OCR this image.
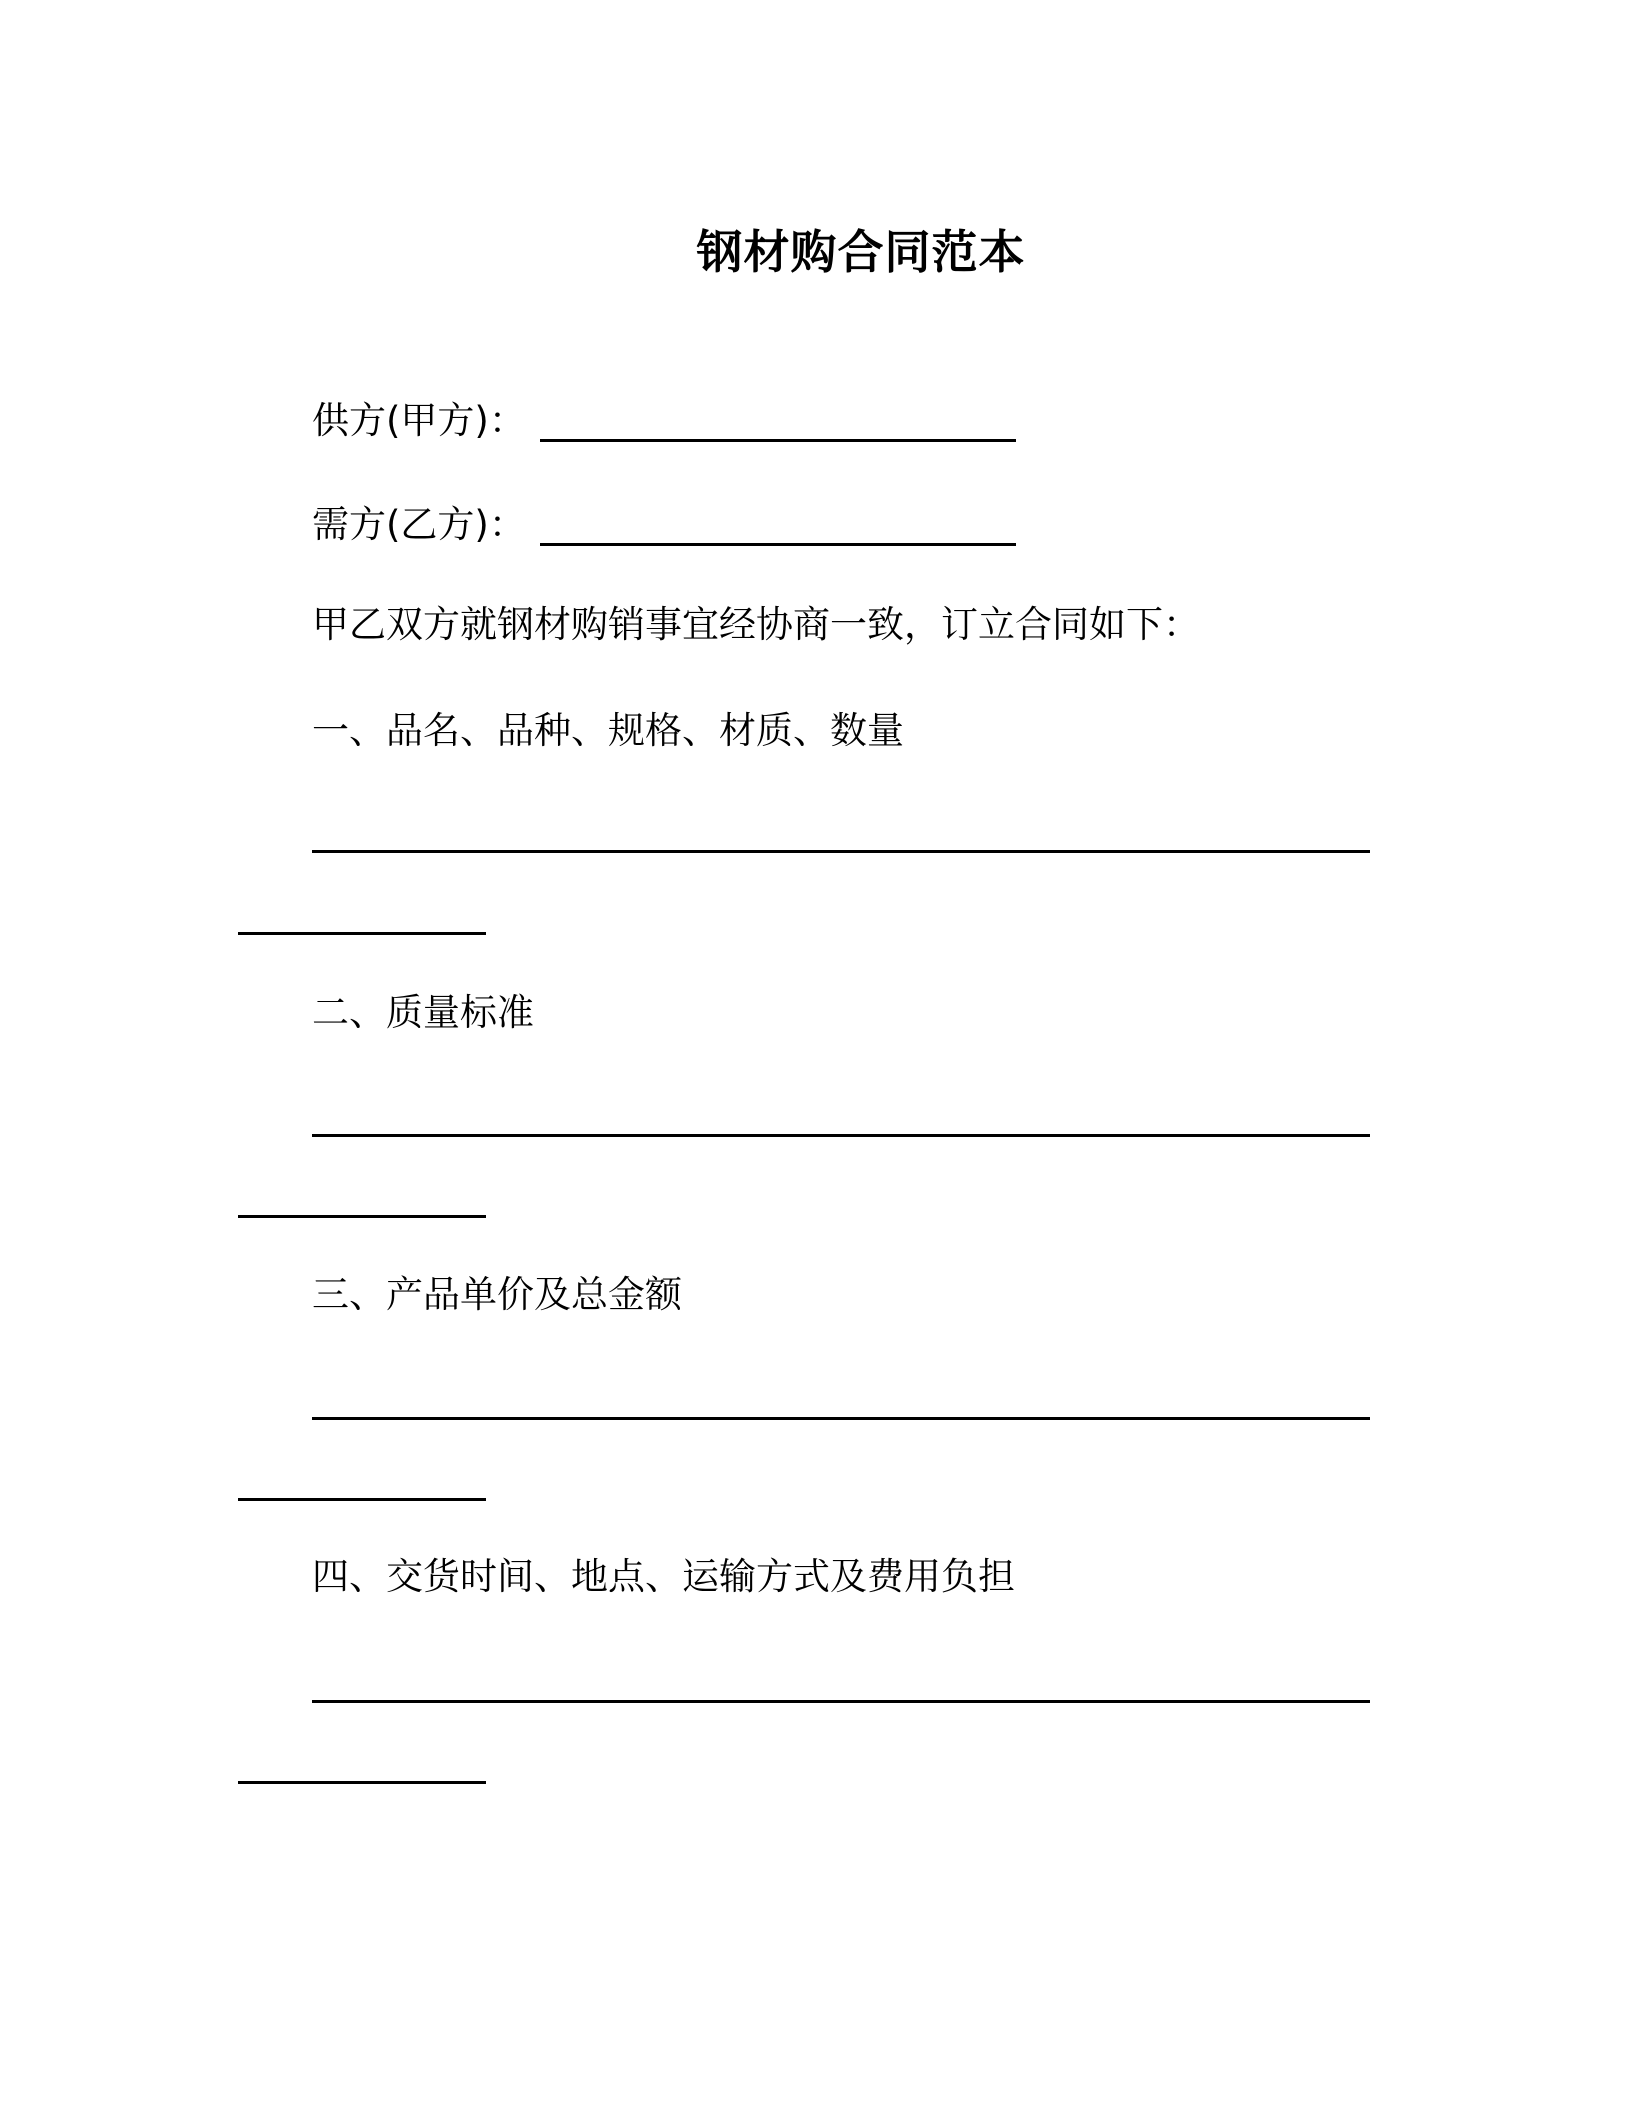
钢材购合同范本
供方(甲方)：
需方(乙方)：
甲乙双方就钢材购销事宜经协商一致，订立合同如下：
一、品名、品种、规格、材质、数量
二、质量标准
三、产品单价及总金额
四、交货时间、地点、运输方式及费用负担
